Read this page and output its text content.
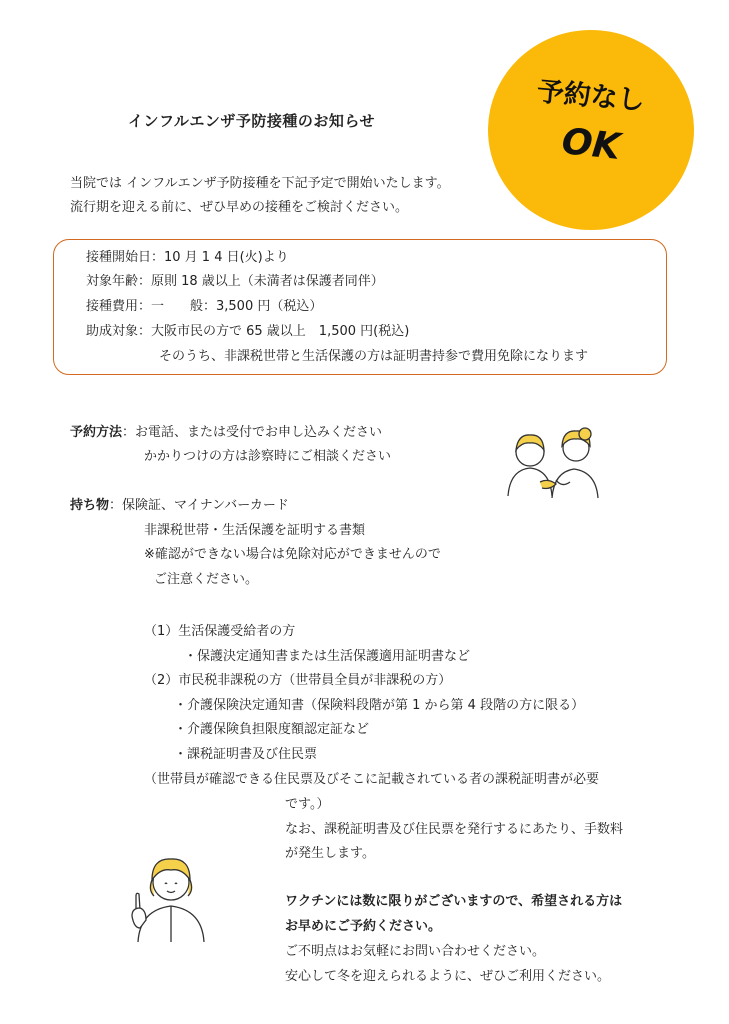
インフルエンザ予防接種のお知らせ
予約なし
OK
当院では インフルエンザ予防接種を下記予定で開始いたします。
流行期を迎える前に、ぜひ早めの接種をご検討ください。
接種開始日：10 月 1 4 日(火)より
対象年齢：原則 18 歳以上（未満者は保護者同伴）
接種費用：一　　般：3,500 円（税込）
助成対象：大阪市民の方で 65 歳以上　1,500 円(税込)
そのうち、非課税世帯と生活保護の方は証明書持参で費用免除になります
予約方法：お電話、または受付でお申し込みください
かかりつけの方は診察時にご相談ください
持ち物：保険証、マイナンバーカード
非課税世帯・生活保護を証明する書類
※確認ができない場合は免除対応ができませんので
ご注意ください。
（1）生活保護受給者の方
・保護決定通知書または生活保護適用証明書など
（2）市民税非課税の方（世帯員全員が非課税の方）
・介護保険決定通知書（保険料段階が第 1 から第 4 段階の方に限る）
・介護保険負担限度額認定証など
・課税証明書及び住民票
（世帯員が確認できる住民票及びそこに記載されている者の課税証明書が必要
です。）
なお、課税証明書及び住民票を発行するにあたり、手数料
が発生します。
ワクチンには数に限りがございますので、希望される方は
お早めにご予約ください。
ご不明点はお気軽にお問い合わせください。
安心して冬を迎えられるように、ぜひご利用ください。
